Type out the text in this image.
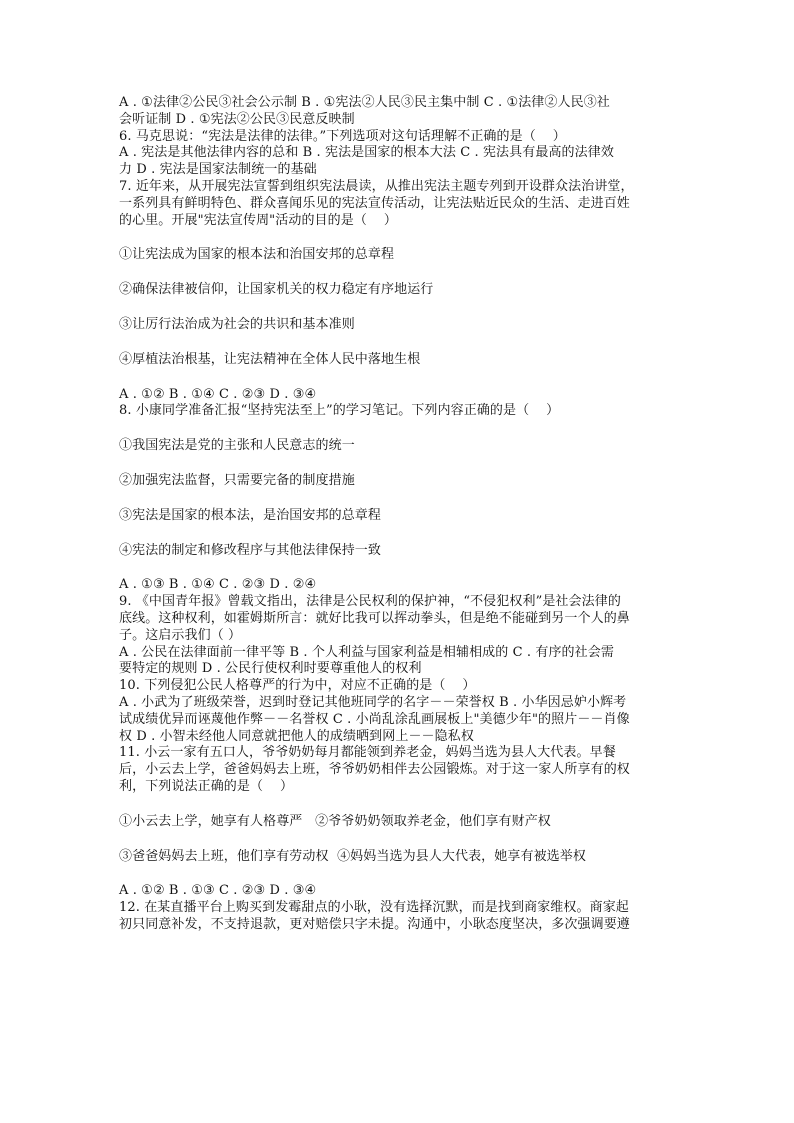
A . ①法律②公民③社会公示制 B . ①宪法②人民③民主集中制 C . ①法律②人民③社
会听证制 D . ①宪法②公民③民意反映制
6. 马克思说：“宪法是法律的法律。”下列选项对这句话理解不正确的是（    ）
A . 宪法是其他法律内容的总和 B . 宪法是国家的根本大法 C . 宪法具有最高的法律效
力 D . 宪法是国家法制统一的基础
7. 近年来，从开展宪法宣誓到组织宪法晨读，从推出宪法主题专列到开设群众法治讲堂，
一系列具有鲜明特色、群众喜闻乐见的宪法宣传活动，让宪法贴近民众的生活、走进百姓
的心里。开展"宪法宣传周"活动的目的是（    ）
①让宪法成为国家的根本法和治国安邦的总章程
②确保法律被信仰，让国家机关的权力稳定有序地运行
③让厉行法治成为社会的共识和基本准则
④厚植法治根基，让宪法精神在全体人民中落地生根
A . ①② B . ①④ C . ②③ D . ③④
8. 小康同学准备汇报“坚持宪法至上”的学习笔记。下列内容正确的是（    ）
①我国宪法是党的主张和人民意志的统一
②加强宪法监督，只需要完备的制度措施
③宪法是国家的根本法，是治国安邦的总章程
④宪法的制定和修改程序与其他法律保持一致
A . ①③ B . ①④ C . ②③ D . ②④
9. 《中国青年报》曾载文指出，法律是公民权利的保护神，“不侵犯权利”是社会法律的
底线。这种权利，如霍姆斯所言：就好比我可以挥动拳头，但是绝不能碰到另一个人的鼻
子。这启示我们（ ）
A . 公民在法律面前一律平等 B . 个人利益与国家利益是相辅相成的 C . 有序的社会需
要特定的规则 D . 公民行使权利时要尊重他人的权利
10. 下列侵犯公民人格尊严的行为中，对应不正确的是（    ）
A . 小武为了班级荣誉，迟到时登记其他班同学的名字－－荣誉权 B . 小华因忌妒小辉考
试成绩优异而诬蔑他作弊－－名誉权 C . 小尚乱涂乱画展板上"美德少年"的照片－－肖像
权 D . 小智未经他人同意就把他人的成绩晒到网上－－隐私权
11. 小云一家有五口人，爷爷奶奶每月都能领到养老金，妈妈当选为县人大代表。早餐
后，小云去上学，爸爸妈妈去上班，爷爷奶奶相伴去公园锻炼。对于这一家人所享有的权
利，下列说法正确的是（    ）
①小云去上学，她享有人格尊严   ②爷爷奶奶领取养老金，他们享有财产权
③爸爸妈妈去上班，他们享有劳动权  ④妈妈当选为县人大代表，她享有被选举权
A . ①② B . ①③ C . ②③ D . ③④
12. 在某直播平台上购买到发霉甜点的小耿，没有选择沉默，而是找到商家维权。商家起
初只同意补发，不支持退款，更对赔偿只字未提。沟通中，小耿态度坚决，多次强调要遵
